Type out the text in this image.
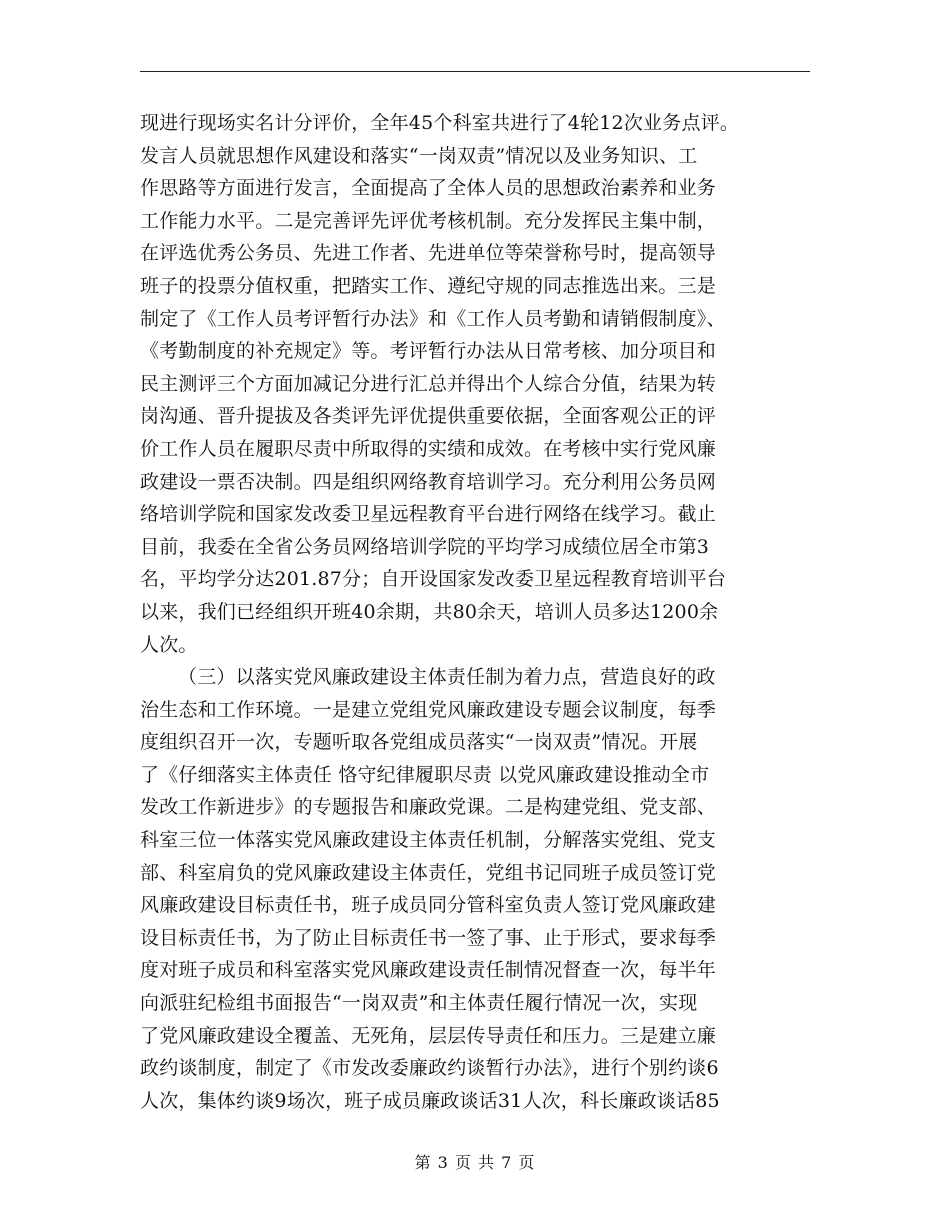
现进行现场实名计分评价，全年45个科室共进行了4轮12次业务点评。
发言人员就思想作风建设和落实“一岗双责”情况以及业务知识、工
作思路等方面进行发言，全面提高了全体人员的思想政治素养和业务
工作能力水平。二是完善评先评优考核机制。充分发挥民主集中制，
在评选优秀公务员、先进工作者、先进单位等荣誉称号时，提高领导
班子的投票分值权重，把踏实工作、遵纪守规的同志推选出来。三是
制定了《工作人员考评暂行办法》和《工作人员考勤和请销假制度》、
《考勤制度的补充规定》等。考评暂行办法从日常考核、加分项目和
民主测评三个方面加减记分进行汇总并得出个人综合分值，结果为转
岗沟通、晋升提拔及各类评先评优提供重要依据，全面客观公正的评
价工作人员在履职尽责中所取得的实绩和成效。在考核中实行党风廉
政建设一票否决制。四是组织网络教育培训学习。充分利用公务员网
络培训学院和国家发改委卫星远程教育平台进行网络在线学习。截止
目前，我委在全省公务员网络培训学院的平均学习成绩位居全市第3
名，平均学分达201.87分；自开设国家发改委卫星远程教育培训平台
以来，我们已经组织开班40余期，共80余天，培训人员多达1200余
人次。
（三）以落实党风廉政建设主体责任制为着力点，营造良好的政
治生态和工作环境。一是建立党组党风廉政建设专题会议制度，每季
度组织召开一次，专题听取各党组成员落实“一岗双责”情况。开展
了《仔细落实主体责任 恪守纪律履职尽责 以党风廉政建设推动全市
发改工作新进步》的专题报告和廉政党课。二是构建党组、党支部、
科室三位一体落实党风廉政建设主体责任机制，分解落实党组、党支
部、科室肩负的党风廉政建设主体责任，党组书记同班子成员签订党
风廉政建设目标责任书，班子成员同分管科室负责人签订党风廉政建
设目标责任书，为了防止目标责任书一签了事、止于形式，要求每季
度对班子成员和科室落实党风廉政建设责任制情况督查一次，每半年
向派驻纪检组书面报告“一岗双责”和主体责任履行情况一次，实现
了党风廉政建设全覆盖、无死角，层层传导责任和压力。三是建立廉
政约谈制度，制定了《市发改委廉政约谈暂行办法》，进行个别约谈6
人次，集体约谈9场次，班子成员廉政谈话31人次，科长廉政谈话85
第 3 页 共 7 页
